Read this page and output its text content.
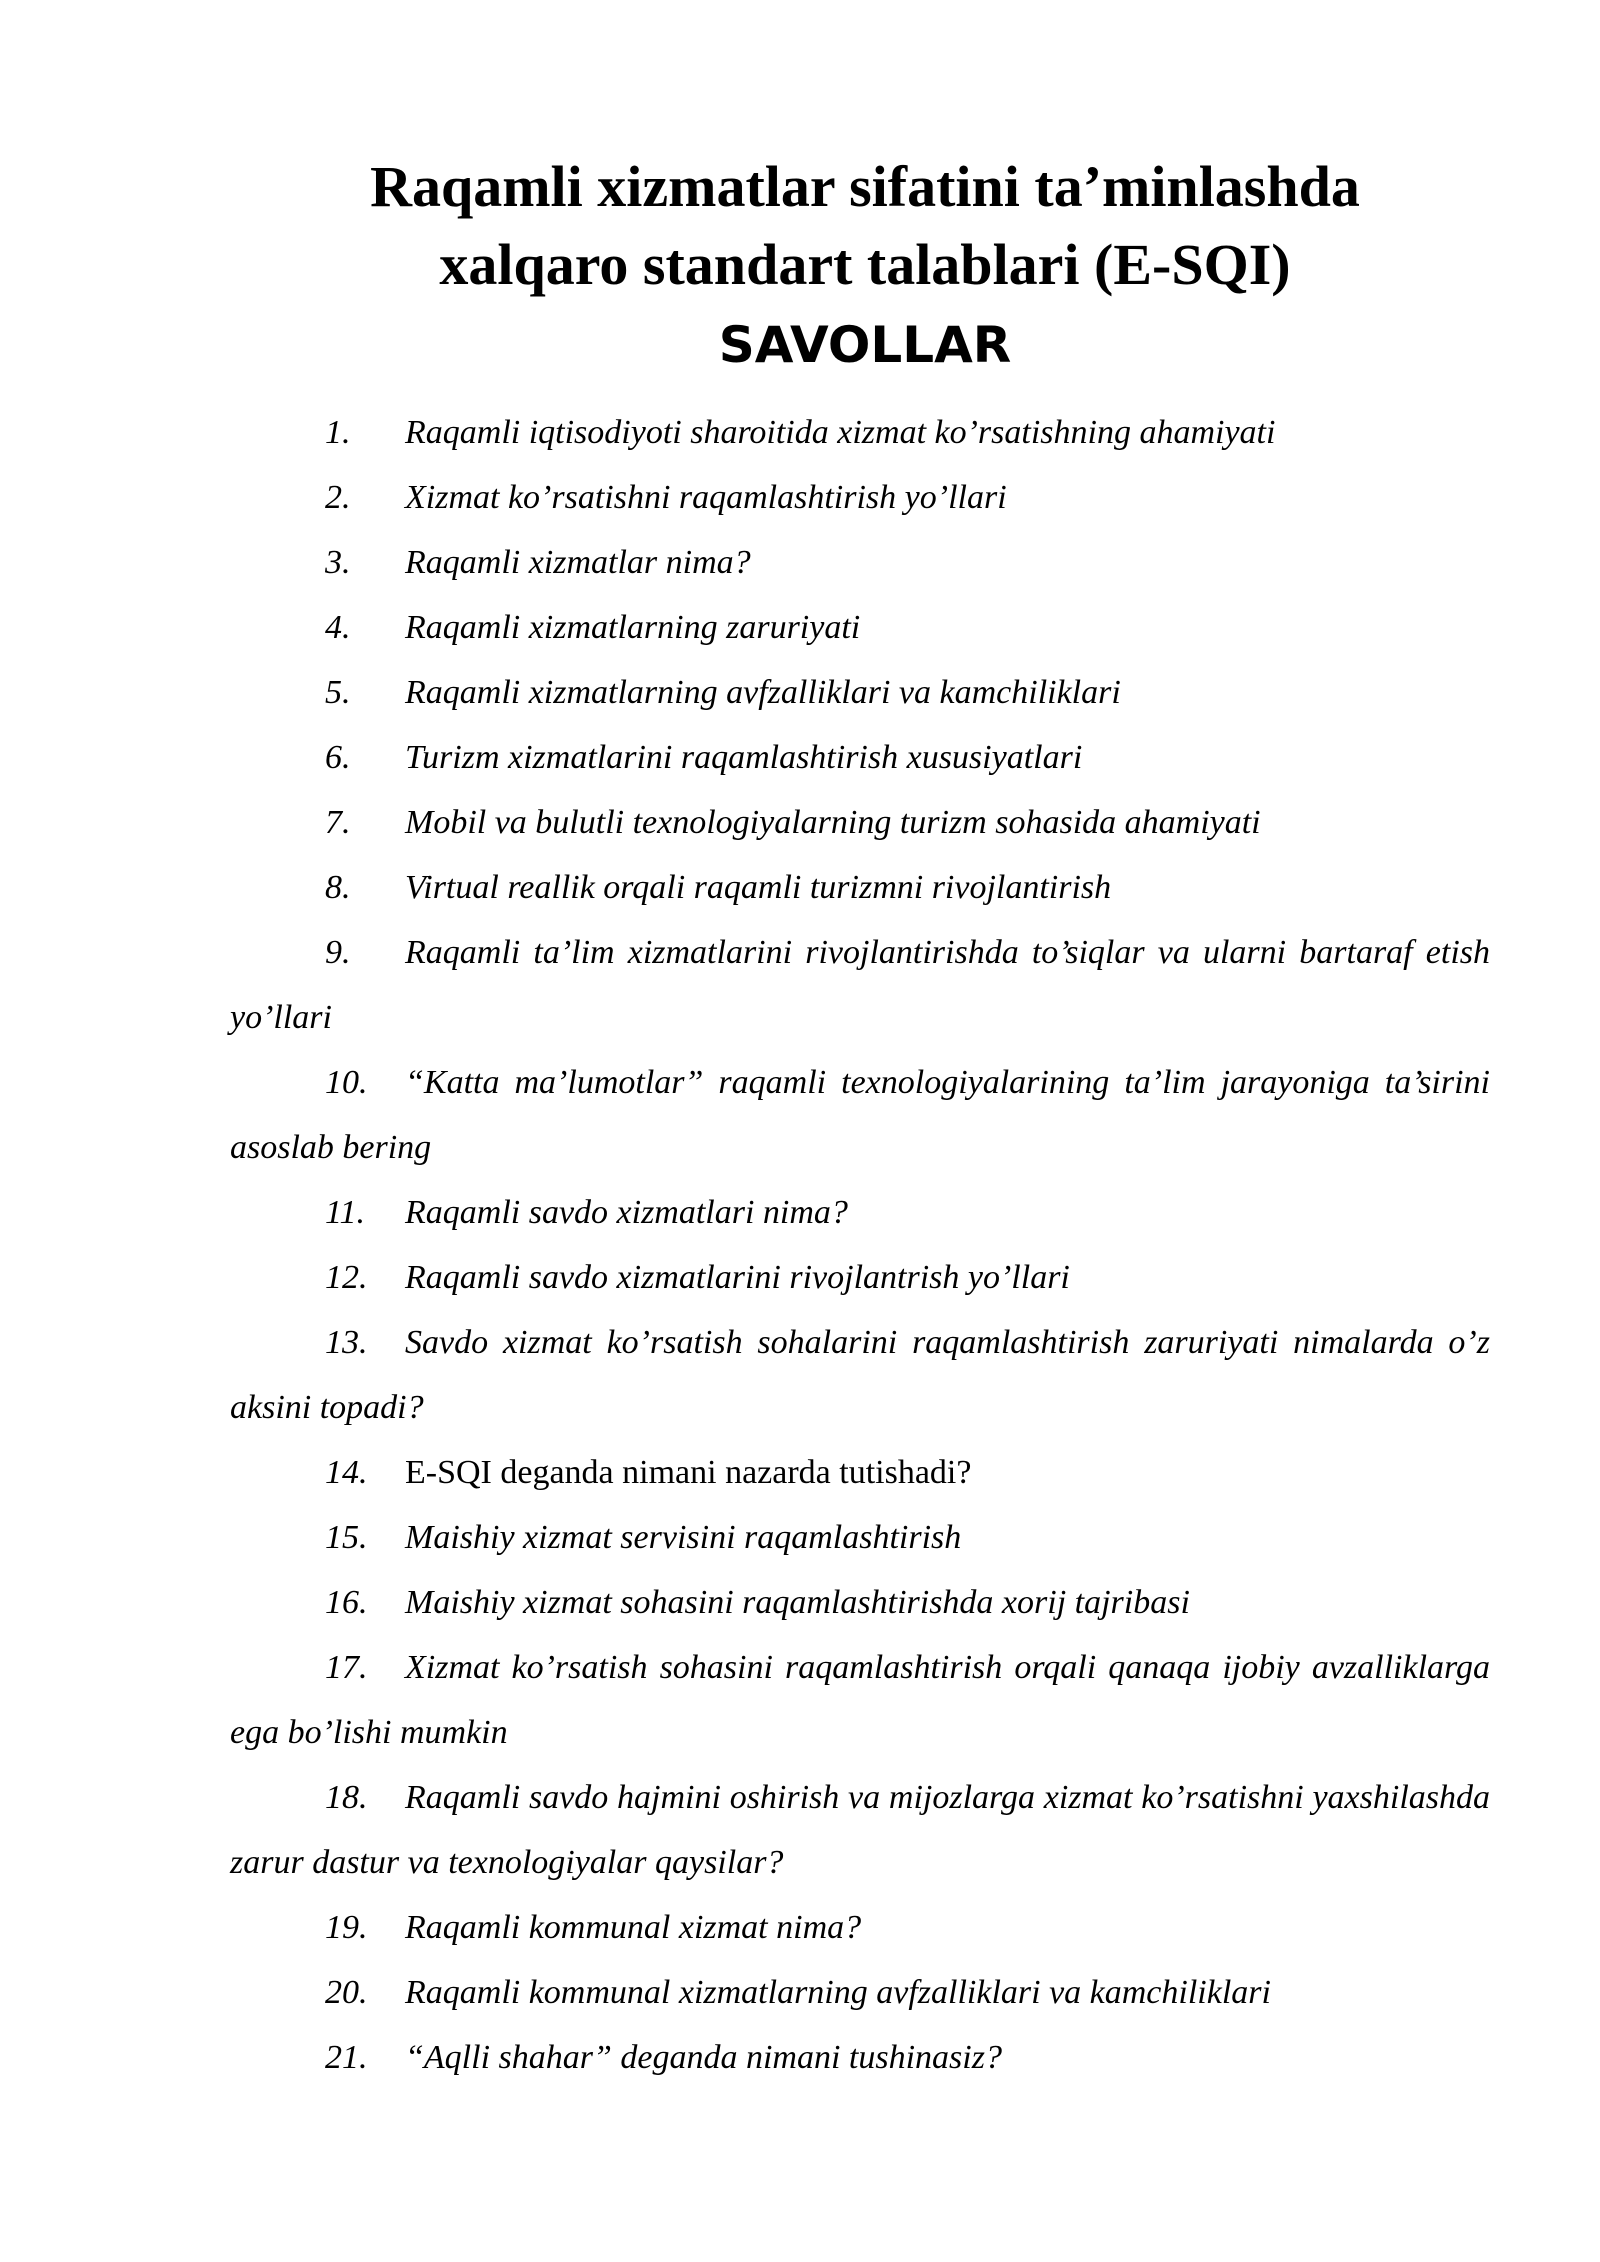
Raqamli xizmatlar sifatini ta’minlashda
xalqaro standart talablari (E-SQI)
SAVOLLAR
1. Raqamli iqtisodiyoti sharoitida xizmat ko’rsatishning ahamiyati
2. Xizmat ko’rsatishni raqamlashtirish yo’llari
3. Raqamli xizmatlar nima?
4. Raqamli xizmatlarning zaruriyati
5. Raqamli xizmatlarning avfzalliklari va kamchiliklari
6. Turizm xizmatlarini raqamlashtirish xususiyatlari
7. Mobil va bulutli texnologiyalarning turizm sohasida ahamiyati
8. Virtual reallik orqali raqamli turizmni rivojlantirish
9. Raqamli ta’lim xizmatlarini rivojlantirishda to’siqlar va ularni bartaraf etish yo’llari
10. “Katta ma’lumotlar” raqamli texnologiyalarining ta’lim jarayoniga ta’sirini asoslab bering
11. Raqamli savdo xizmatlari nima?
12. Raqamli savdo xizmatlarini rivojlantrish yo’llari
13. Savdo xizmat ko’rsatish sohalarini raqamlashtirish zaruriyati nimalarda o’z aksini topadi?
14. E-SQI deganda nimani nazarda tutishadi?
15. Maishiy xizmat servisini raqamlashtirish
16. Maishiy xizmat sohasini raqamlashtirishda xorij tajribasi
17. Xizmat ko’rsatish sohasini raqamlashtirish orqali qanaqa ijobiy avzalliklarga ega bo’lishi mumkin
18. Raqamli savdo hajmini oshirish va mijozlarga xizmat ko’rsatishni yaxshilashda zarur dastur va texnologiyalar qaysilar?
19. Raqamli kommunal xizmat nima?
20. Raqamli kommunal xizmatlarning avfzalliklari va kamchiliklari
21. “Aqlli shahar” deganda nimani tushinasiz?
